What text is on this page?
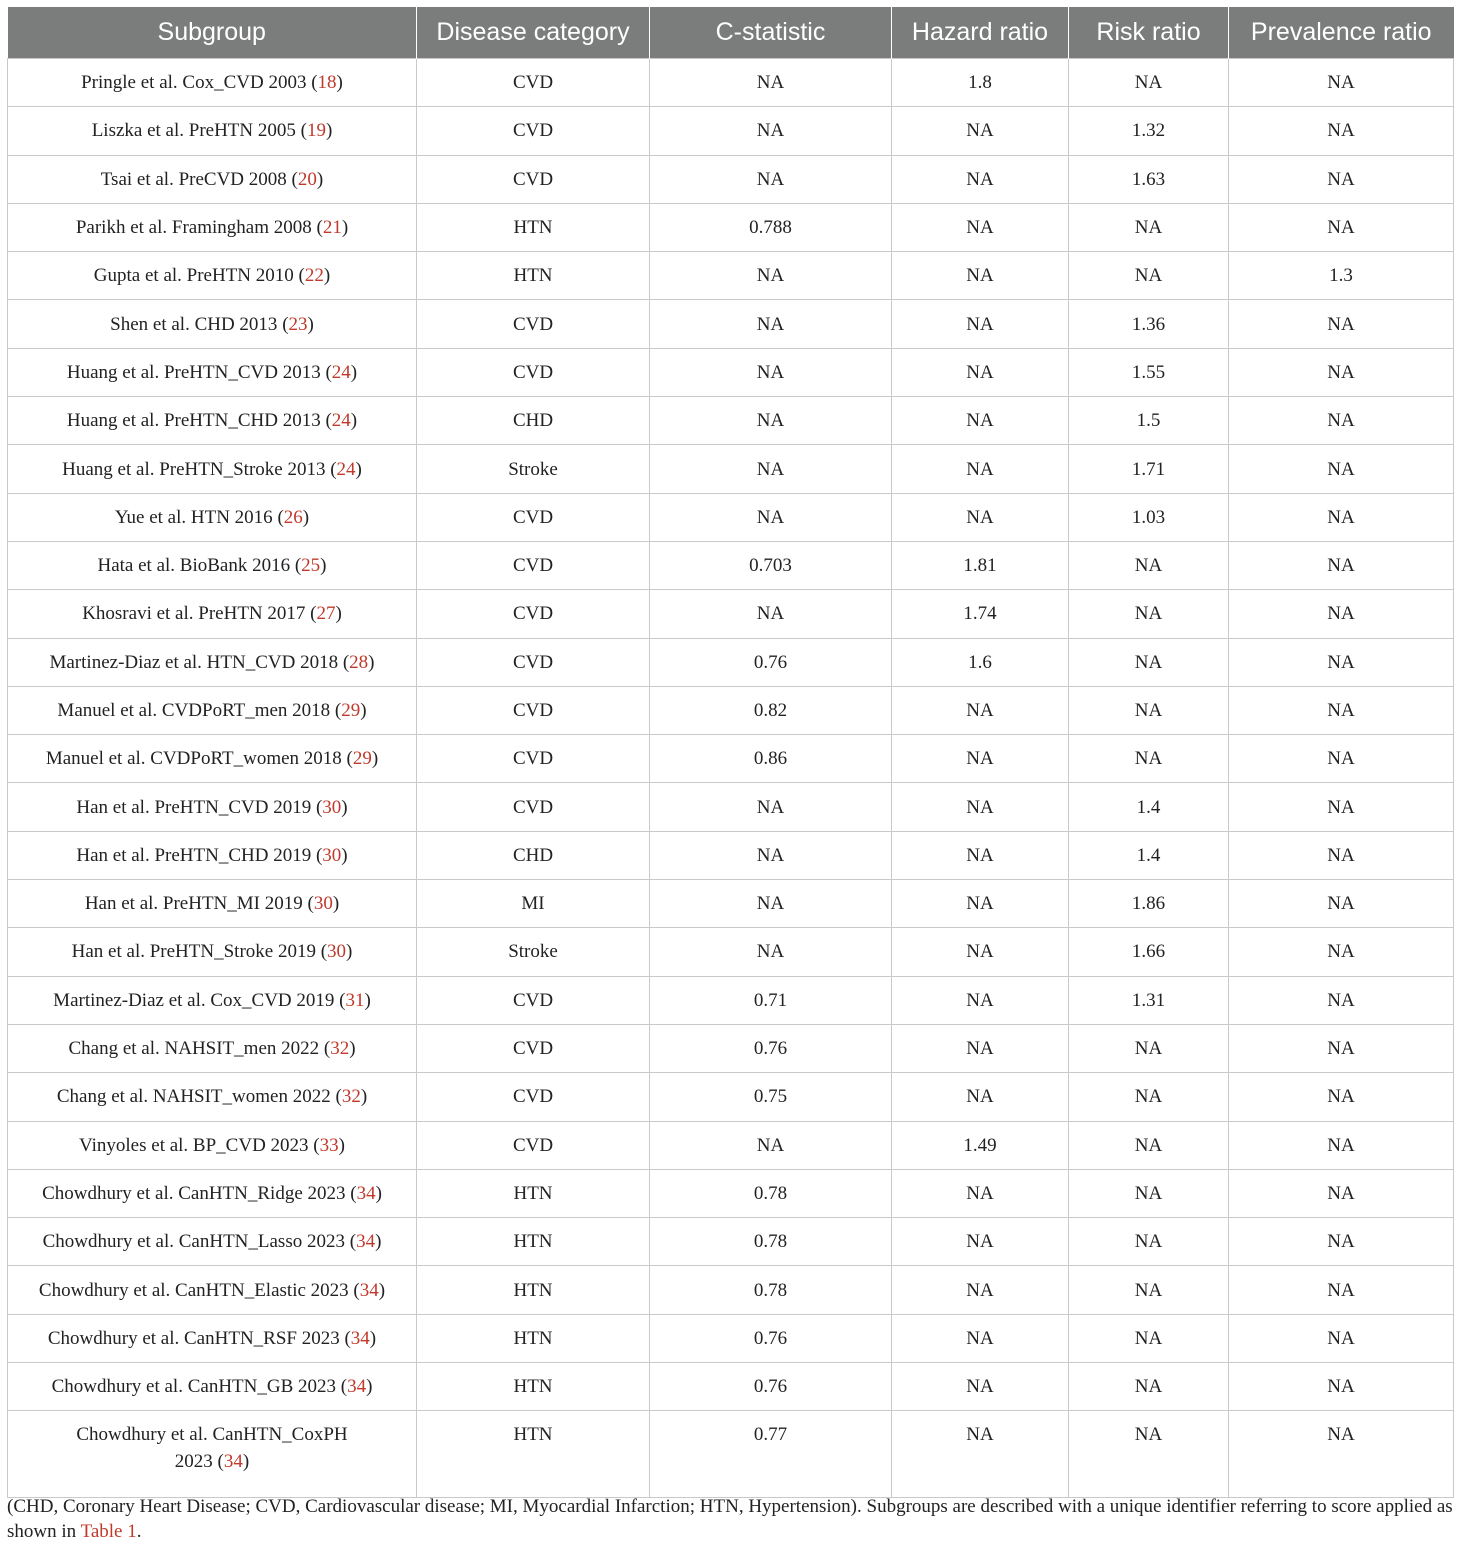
Subgroup	Disease category	C-statistic	Hazard ratio	Risk ratio	Prevalence ratio
Pringle et al. Cox_CVD 2003 (18)	CVD	NA	1.8	NA	NA
Liszka et al. PreHTN 2005 (19)	CVD	NA	NA	1.32	NA
Tsai et al. PreCVD 2008 (20)	CVD	NA	NA	1.63	NA
Parikh et al. Framingham 2008 (21)	HTN	0.788	NA	NA	NA
Gupta et al. PreHTN 2010 (22)	HTN	NA	NA	NA	1.3
Shen et al. CHD 2013 (23)	CVD	NA	NA	1.36	NA
Huang et al. PreHTN_CVD 2013 (24)	CVD	NA	NA	1.55	NA
Huang et al. PreHTN_CHD 2013 (24)	CHD	NA	NA	1.5	NA
Huang et al. PreHTN_Stroke 2013 (24)	Stroke	NA	NA	1.71	NA
Yue et al. HTN 2016 (26)	CVD	NA	NA	1.03	NA
Hata et al. BioBank 2016 (25)	CVD	0.703	1.81	NA	NA
Khosravi et al. PreHTN 2017 (27)	CVD	NA	1.74	NA	NA
Martinez-Diaz et al. HTN_CVD 2018 (28)	CVD	0.76	1.6	NA	NA
Manuel et al. CVDPoRT_men 2018 (29)	CVD	0.82	NA	NA	NA
Manuel et al. CVDPoRT_women 2018 (29)	CVD	0.86	NA	NA	NA
Han et al. PreHTN_CVD 2019 (30)	CVD	NA	NA	1.4	NA
Han et al. PreHTN_CHD 2019 (30)	CHD	NA	NA	1.4	NA
Han et al. PreHTN_MI 2019 (30)	MI	NA	NA	1.86	NA
Han et al. PreHTN_Stroke 2019 (30)	Stroke	NA	NA	1.66	NA
Martinez-Diaz et al. Cox_CVD 2019 (31)	CVD	0.71	NA	1.31	NA
Chang et al. NAHSIT_men 2022 (32)	CVD	0.76	NA	NA	NA
Chang et al. NAHSIT_women 2022 (32)	CVD	0.75	NA	NA	NA
Vinyoles et al. BP_CVD 2023 (33)	CVD	NA	1.49	NA	NA
Chowdhury et al. CanHTN_Ridge 2023 (34)	HTN	0.78	NA	NA	NA
Chowdhury et al. CanHTN_Lasso 2023 (34)	HTN	0.78	NA	NA	NA
Chowdhury et al. CanHTN_Elastic 2023 (34)	HTN	0.78	NA	NA	NA
Chowdhury et al. CanHTN_RSF 2023 (34)	HTN	0.76	NA	NA	NA
Chowdhury et al. CanHTN_GB 2023 (34)	HTN	0.76	NA	NA	NA
Chowdhury et al. CanHTN_CoxPH
2023 (34)	HTN	0.77	NA	NA	NA
(CHD, Coronary Heart Disease; CVD, Cardiovascular disease; MI, Myocardial Infarction; HTN, Hypertension). Subgroups are described with a unique identifier referring to score applied as shown in Table 1.
